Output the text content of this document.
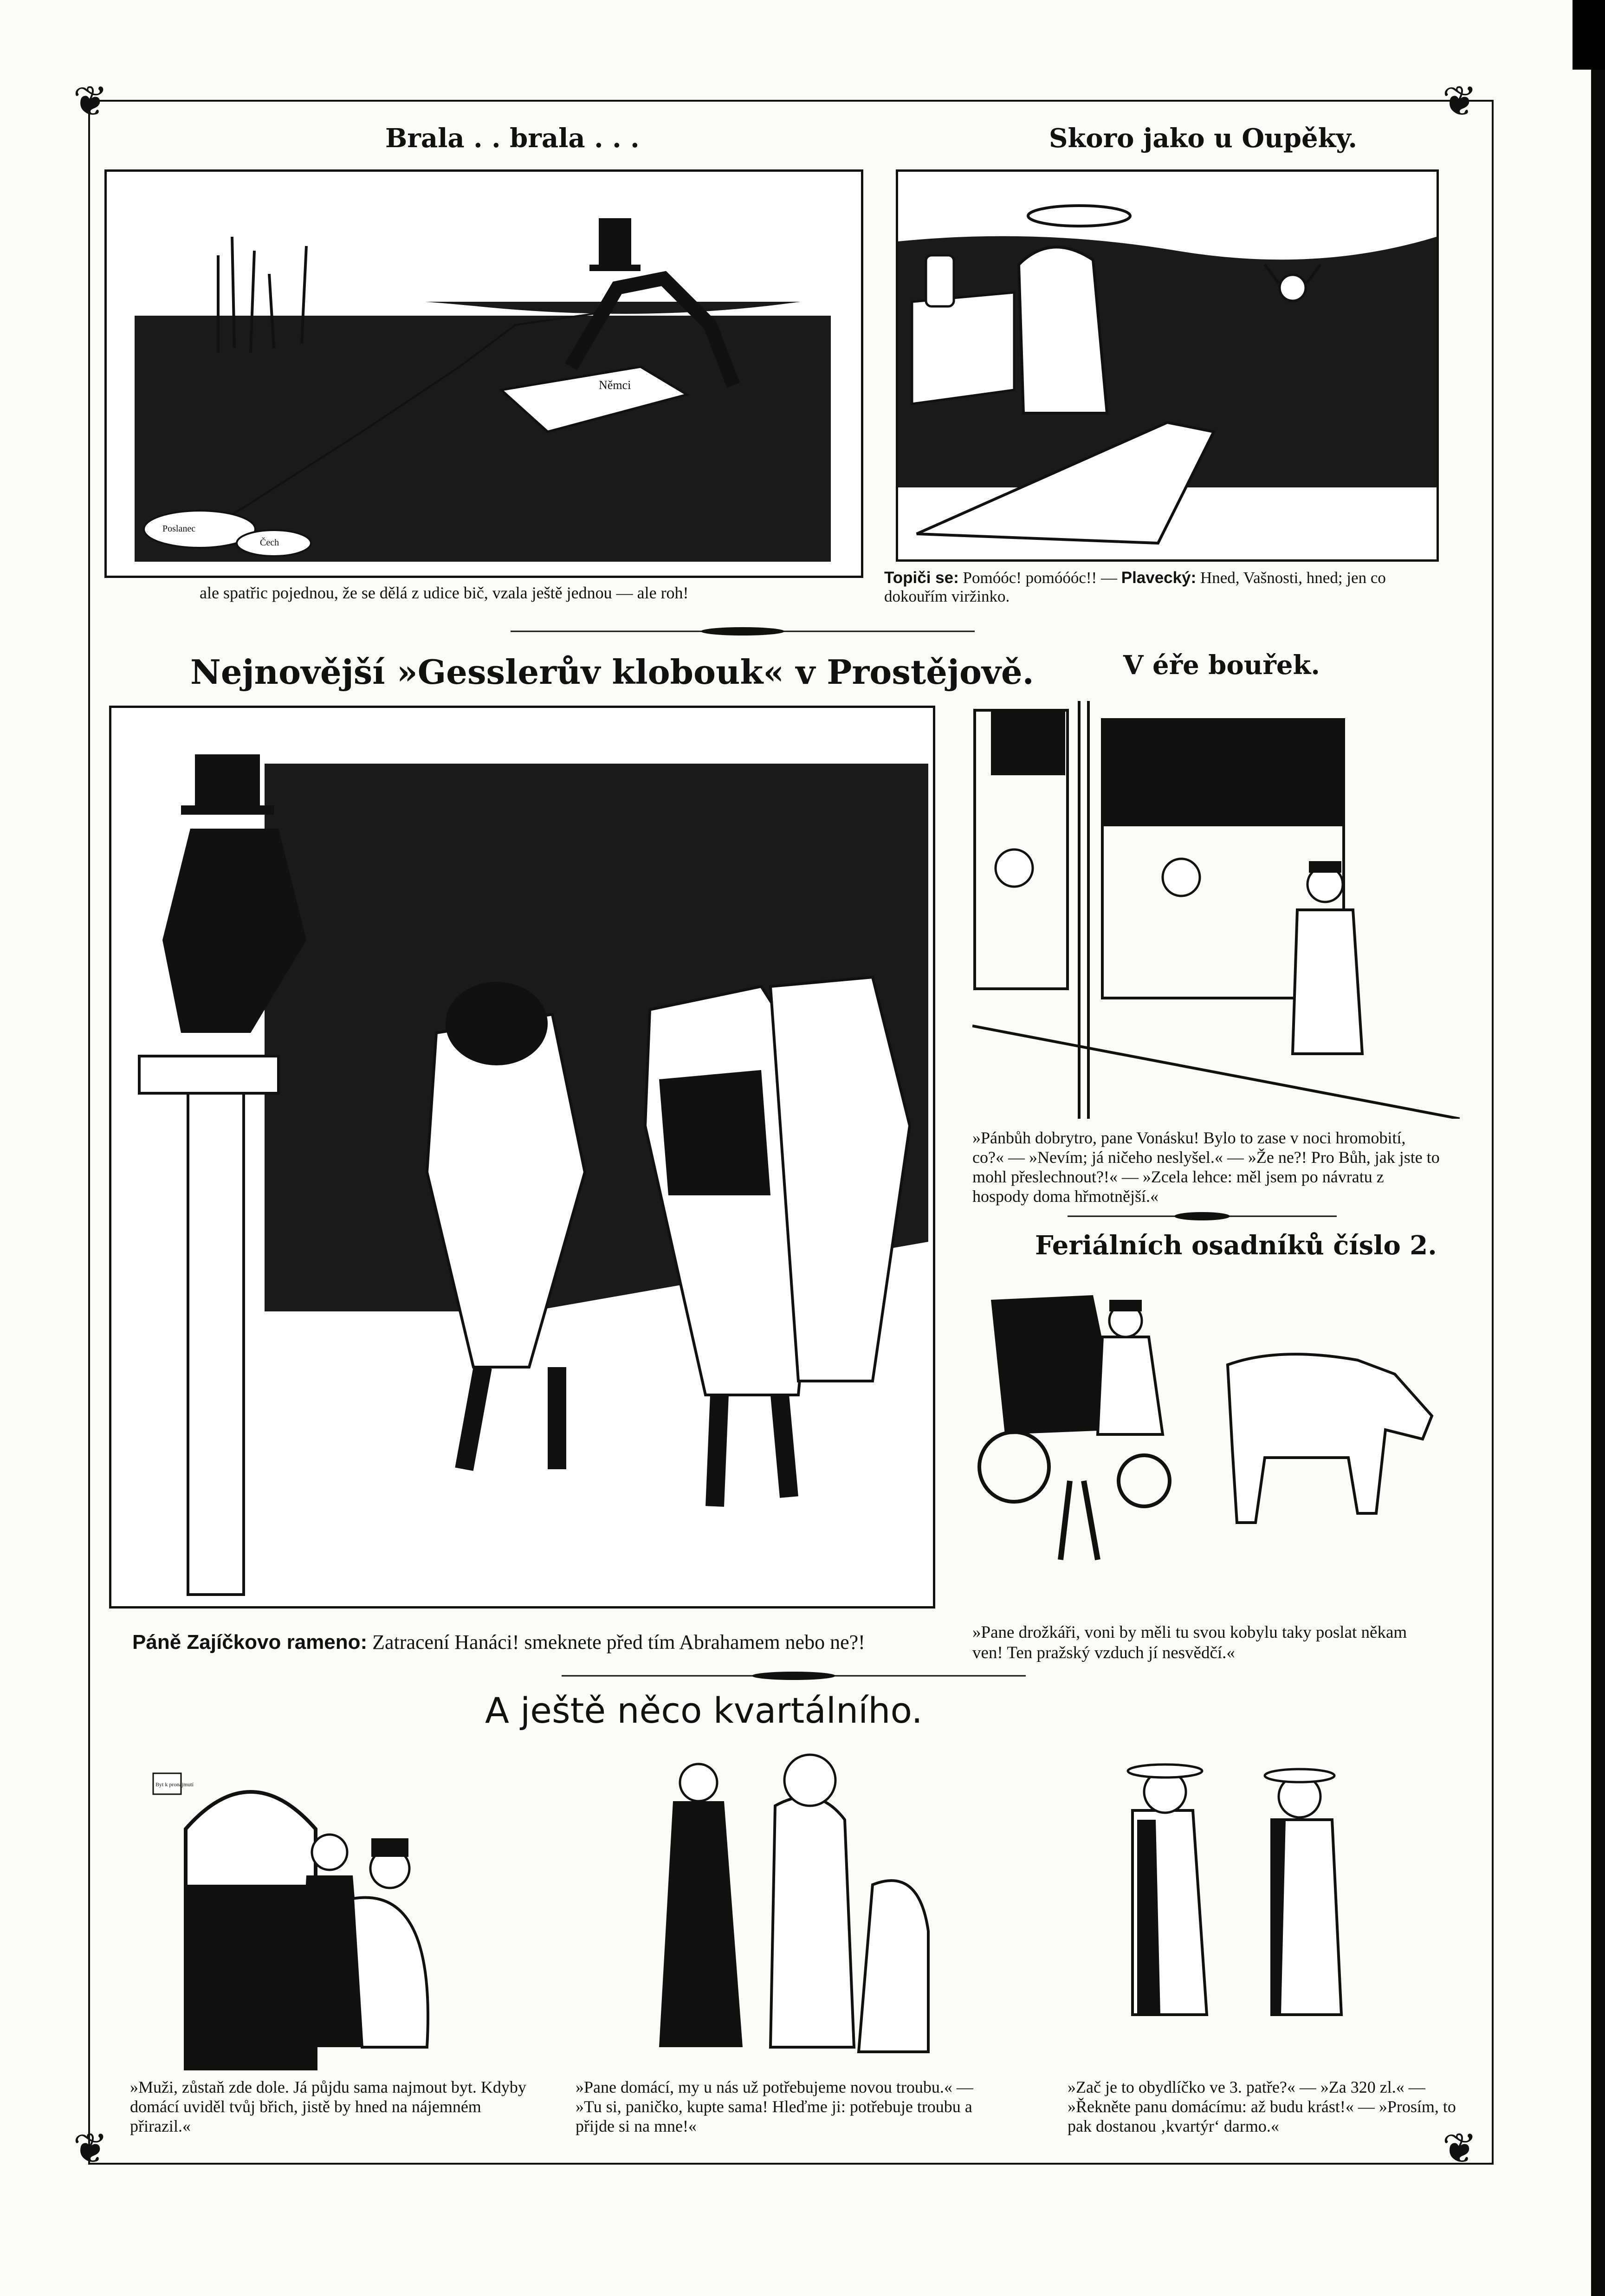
❦	❦
❦	❦
Brala . . brala . . .
Němci
Poslanec
Čech
ale spatřic pojednou, že se dělá z udice bič, vzala ještě jednou — ale roh!
Skoro jako u Oupěky.
Topiči se: Pomóóc! pomóóóc!! — Plavecký: Hned, Vašnosti, hned; jen co dokouřím viržinko.
Nejnovější »Gesslerův klobouk« v Prostějově.
Páně Zajíčkovo rameno: Zatracení Hanáci! smeknete před tím Abrahamem nebo ne?!
V éře bouřek.
»Pánbůh dobrytro, pane Vonásku! Bylo to zase v noci hromobití, co?« — »Nevím; já ničeho neslyšel.« — »Že ne?! Pro Bůh, jak jste to mohl přeslechnout?!« — »Zcela lehce: měl jsem po návratu z hospody doma hřmotnější.«
Feriálních osadníků číslo 2.
»Pane drožkáři, voni by měli tu svou kobylu taky poslat někam ven! Ten pražský vzduch jí nesvědčí.«
A ještě něco kvartálního.
Byt k pronajmutí
»Muži, zůstaň zde dole. Já půjdu sama najmout byt. Kdyby domácí uviděl tvůj břich, jistě by hned na nájemném přirazil.«
»Pane domácí, my u nás už potřebujeme novou troubu.« — »Tu si, paničko, kupte sama! Hleďme ji: potřebuje troubu a přijde si na mne!«
»Zač je to obydlíčko ve 3. patře?« — »Za 320 zl.« — »Řekněte panu domácímu: až budu krást!« — »Prosím, to pak dostanou ‚kvartýr‘ darmo.«
